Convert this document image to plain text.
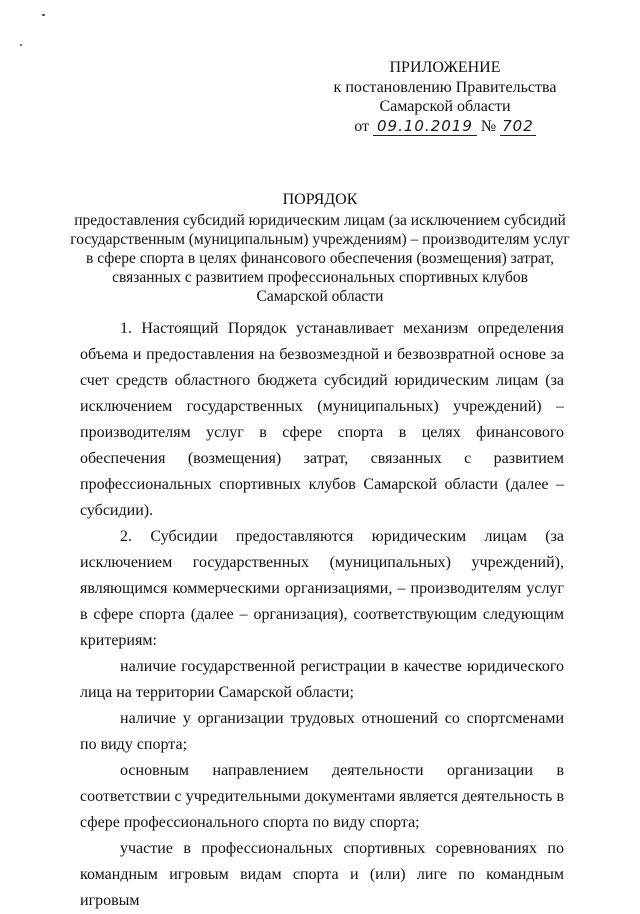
ПРИЛОЖЕНИЕ
к постановлению Правительства
Самарской области
от 09.10.2019 № 702
ПОРЯДОК
предоставления субсидий юридическим лицам (за исключением субсидий
государственным (муниципальным) учреждениям) – производителям услуг
в сфере спорта в целях финансового обеспечения (возмещения) затрат,
связанных с развитием профессиональных спортивных клубов
Самарской области

1. Настоящий Порядок устанавливает механизм определения объема и предоставления на безвозмездной и безвозвратной основе за счет средств областного бюджета субсидий юридическим лицам (за исключением государственных (муниципальных) учреждений) – производителям услуг в сфере спорта в целях финансового обеспечения (возмещения) затрат, связанных с развитием профессиональных спортивных клубов Самарской области (далее – субсидии).

2. Субсидии предоставляются юридическим лицам (за исключением государственных (муниципальных) учреждений), являющимся коммерческими организациями, – производителям услуг в сфере спорта (далее – организация), соответствующим следующим критериям:

наличие государственной регистрации в качестве юридического лица на территории Самарской области;

наличие у организации трудовых отношений со спортсменами по виду спорта;

основным направлением деятельности организации в соответствии с учредительными документами является деятельность в сфере профессионального спорта по виду спорта;

участие в профессиональных спортивных соревнованиях по командным игровым видам спорта и (или) лиге по командным игровым
